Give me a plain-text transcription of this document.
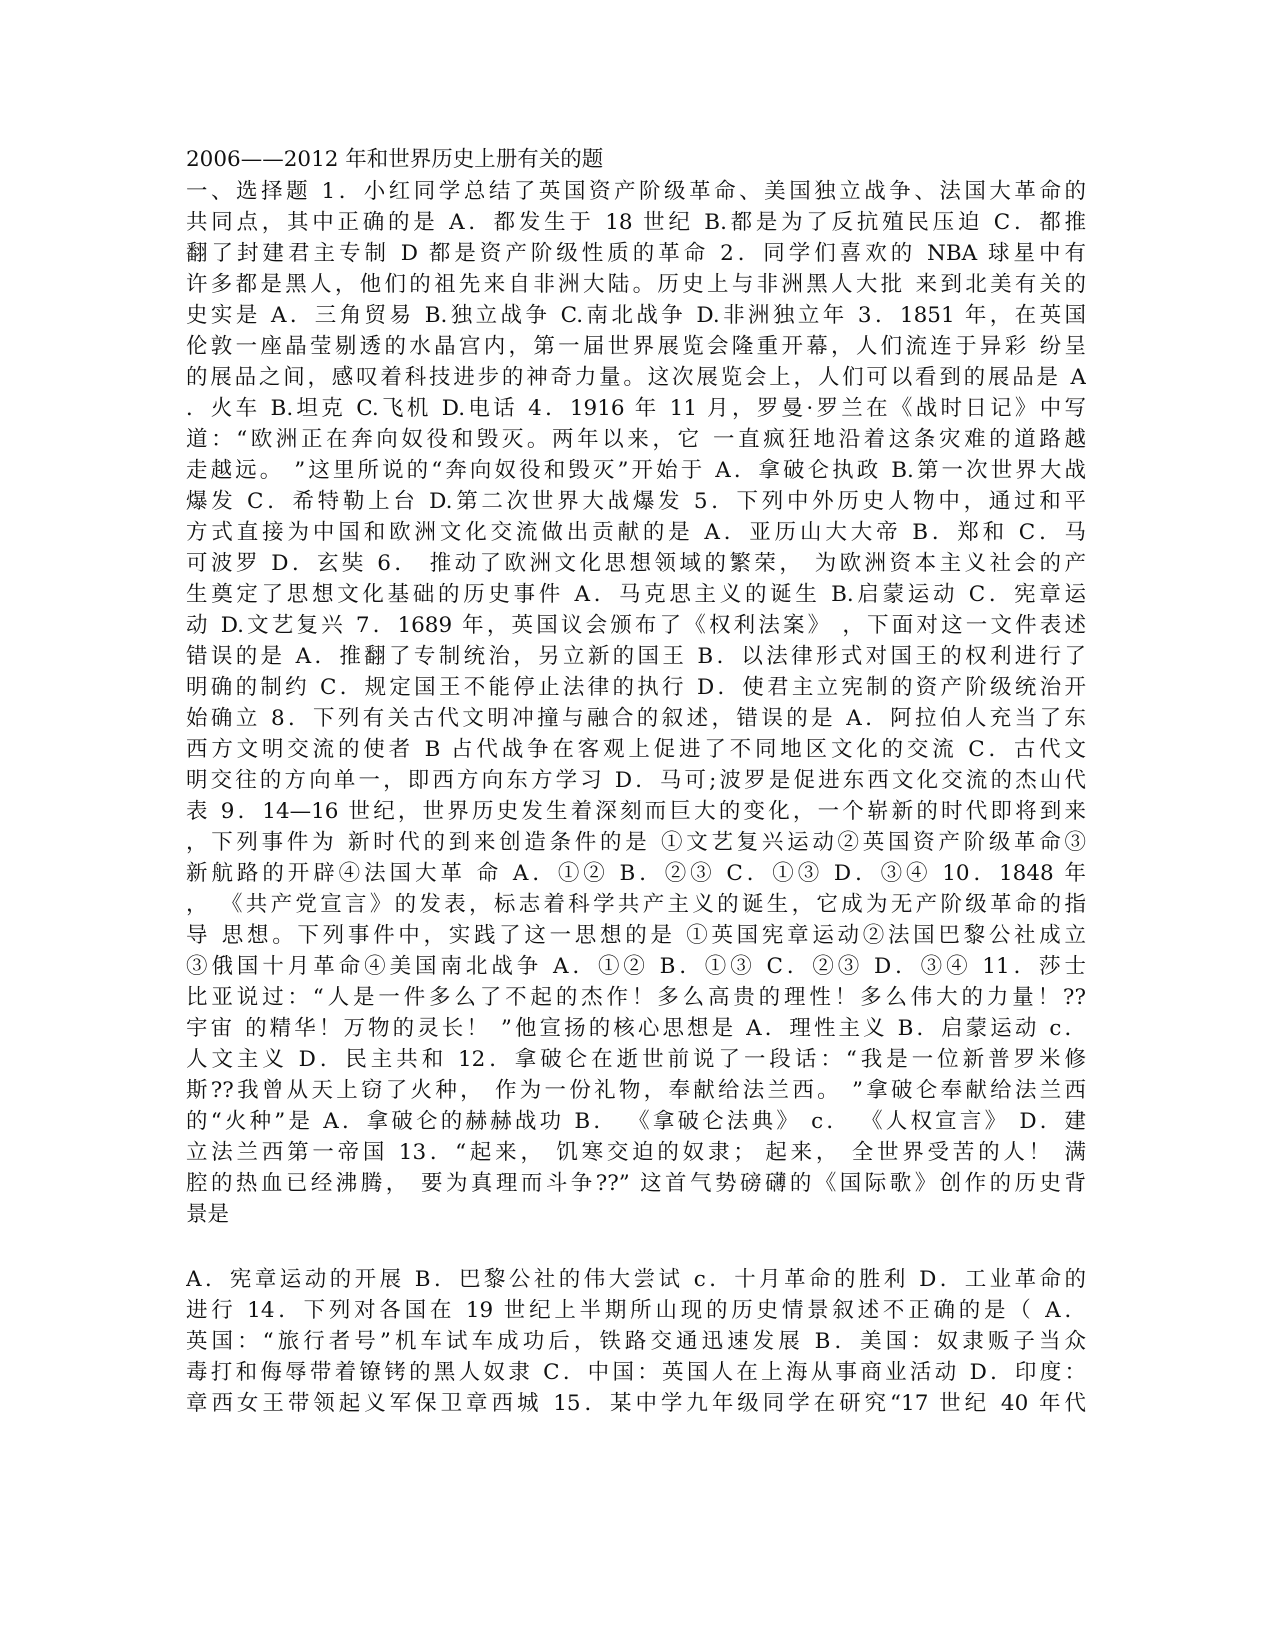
2006——2012 年和世界历史上册有关的题
一、选择题 1．小红同学总结了英国资产阶级革命、美国独立战争、法国大革命的
共同点，其中正确的是 A．都发生于 18 世纪 B.都是为了反抗殖民压迫 C．都推
翻了封建君主专制 D 都是资产阶级性质的革命 2．同学们喜欢的 NBA 球星中有
许多都是黑人，他们的祖先来自非洲大陆。历史上与非洲黑人大批 来到北美有关的
史实是 A．三角贸易 B.独立战争 C.南北战争 D.非洲独立年 3．1851 年，在英国
伦敦一座晶莹剔透的水晶宫内，第一届世界展览会隆重开幕，人们流连于异彩 纷呈
的展品之间，感叹着科技进步的神奇力量。这次展览会上，人们可以看到的展品是 A
．火车 B.坦克 C.飞机 D.电话 4．1916 年 11 月，罗曼·罗兰在《战时日记》中写
道：“欧洲正在奔向奴役和毁灭。两年以来，它 一直疯狂地沿着这条灾难的道路越
走越远。 ”这里所说的“奔向奴役和毁灭”开始于 A．拿破仑执政 B.第一次世界大战
爆发 C．希特勒上台 D.第二次世界大战爆发 5．下列中外历史人物中，通过和平
方式直接为中国和欧洲文化交流做出贡献的是 A．亚历山大大帝 B．郑和 C．马
可波罗 D．玄奘 6． 推动了欧洲文化思想领域的繁荣， 为欧洲资本主义社会的产
生奠定了思想文化基础的历史事件 A．马克思主义的诞生 B.启蒙运动 C．宪章运
动 D.文艺复兴 7．1689 年，英国议会颁布了《权利法案》 ，下面对这一文件表述
错误的是 A．推翻了专制统治，另立新的国王 B．以法律形式对国王的权利进行了
明确的制约 C．规定国王不能停止法律的执行 D．使君主立宪制的资产阶级统治开
始确立 8．下列有关古代文明冲撞与融合的叙述，错误的是 A．阿拉伯人充当了东
西方文明交流的使者 B 占代战争在客观上促进了不同地区文化的交流 C．古代文
明交往的方向单一，即西方向东方学习 D．马可;波罗是促进东西文化交流的杰山代
表 9．14—16 世纪，世界历史发生着深刻而巨大的变化，一个崭新的时代即将到来
，下列事件为 新时代的到来创造条件的是 ①文艺复兴运动②英国资产阶级革命③
新航路的开辟④法国大革 命 A．①② B．②③ C．①③ D．③④ 10．1848 年
， 《共产党宣言》的发表，标志着科学共产主义的诞生，它成为无产阶级革命的指
导 思想。下列事件中，实践了这一思想的是 ①英国宪章运动②法国巴黎公社成立
③俄国十月革命④美国南北战争 A．①② B．①③ C．②③ D．③④ 11．莎士
比亚说过：“人是一件多么了不起的杰作！多么高贵的理性！多么伟大的力量！??
宇宙 的精华！万物的灵长！ ”他宣扬的核心思想是 A．理性主义 B．启蒙运动 c．
人文主义 D．民主共和 12．拿破仑在逝世前说了一段话：“我是一位新普罗米修
斯??我曾从天上窃了火种， 作为一份礼物，奉献给法兰西。 ”拿破仑奉献给法兰西
的“火种”是 A．拿破仑的赫赫战功 B． 《拿破仑法典》 c． 《人权宣言》 D．建
立法兰西第一帝国 13．“起来， 饥寒交迫的奴隶； 起来， 全世界受苦的人！ 满
腔的热血已经沸腾， 要为真理而斗争??” 这首气势磅礴的《国际歌》创作的历史背
景是
A．宪章运动的开展 B．巴黎公社的伟大尝试 c．十月革命的胜利 D．工业革命的
进行 14．下列对各国在 19 世纪上半期所山现的历史情景叙述不正确的是（ A．
英国：“旅行者号”机车试车成功后，铁路交通迅速发展 B．美国：奴隶贩子当众
毒打和侮辱带着镣铐的黑人奴隶 C．中国：英国人在上海从事商业活动 D．印度：
章西女王带领起义军保卫章西城 15．某中学九年级同学在研究“17 世纪 40 年代
